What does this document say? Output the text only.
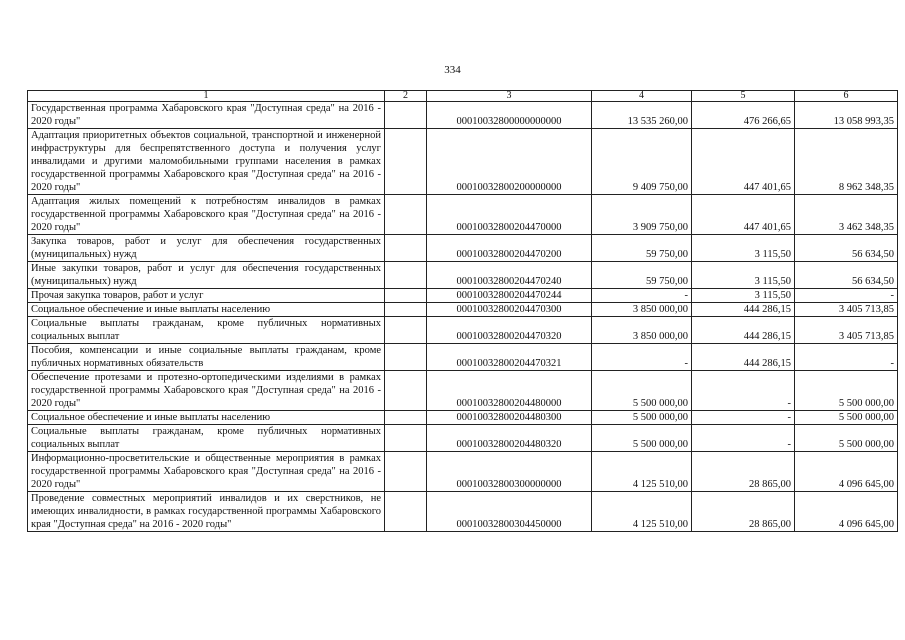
334
1	2	3	4	5	6
Государственная программа Хабаровского края "Доступная среда" на 2016 - 2020 годы"		00010032800000000000	13 535 260,00	476 266,65	13 058 993,35
Адаптация приоритетных объектов социальной, транспортной и инженерной инфраструктуры для беспрепятственного доступа и получения услуг инвалидами и другими маломобильными группами населения в рамках государственной программы Хабаровского края "Доступная среда" на 2016 - 2020 годы"		00010032800200000000	9 409 750,00	447 401,65	8 962 348,35
Адаптация жилых помещений к потребностям инвалидов в рамках государственной программы Хабаровского края "Доступная среда" на 2016 - 2020 годы"		00010032800204470000	3 909 750,00	447 401,65	3 462 348,35
Закупка товаров, работ и услуг для обеспечения государственных (муниципальных) нужд		00010032800204470200	59 750,00	3 115,50	56 634,50
Иные закупки товаров, работ и услуг для обеспечения государственных (муниципальных) нужд		00010032800204470240	59 750,00	3 115,50	56 634,50
Прочая закупка товаров, работ и услуг		00010032800204470244	-	3 115,50	-
Социальное обеспечение и иные выплаты населению		00010032800204470300	3 850 000,00	444 286,15	3 405 713,85
Социальные выплаты гражданам, кроме публичных нормативных социальных выплат		00010032800204470320	3 850 000,00	444 286,15	3 405 713,85
Пособия, компенсации и иные социальные выплаты гражданам, кроме публичных нормативных обязательств		00010032800204470321	-	444 286,15	-
Обеспечение протезами и протезно-ортопедическими изделиями в рамках государственной программы Хабаровского края "Доступная среда" на 2016 - 2020 годы"		00010032800204480000	5 500 000,00	-	5 500 000,00
Социальное обеспечение и иные выплаты населению		00010032800204480300	5 500 000,00	-	5 500 000,00
Социальные выплаты гражданам, кроме публичных нормативных социальных выплат		00010032800204480320	5 500 000,00	-	5 500 000,00
Информационно-просветительские и общественные мероприятия в рамках государственной программы Хабаровского края "Доступная среда" на 2016 - 2020 годы"		00010032800300000000	4 125 510,00	28 865,00	4 096 645,00
Проведение совместных мероприятий инвалидов и их сверстников, не имеющих инвалидности, в рамках государственной программы Хабаровского края "Доступная среда" на 2016 - 2020 годы"		00010032800304450000	4 125 510,00	28 865,00	4 096 645,00
